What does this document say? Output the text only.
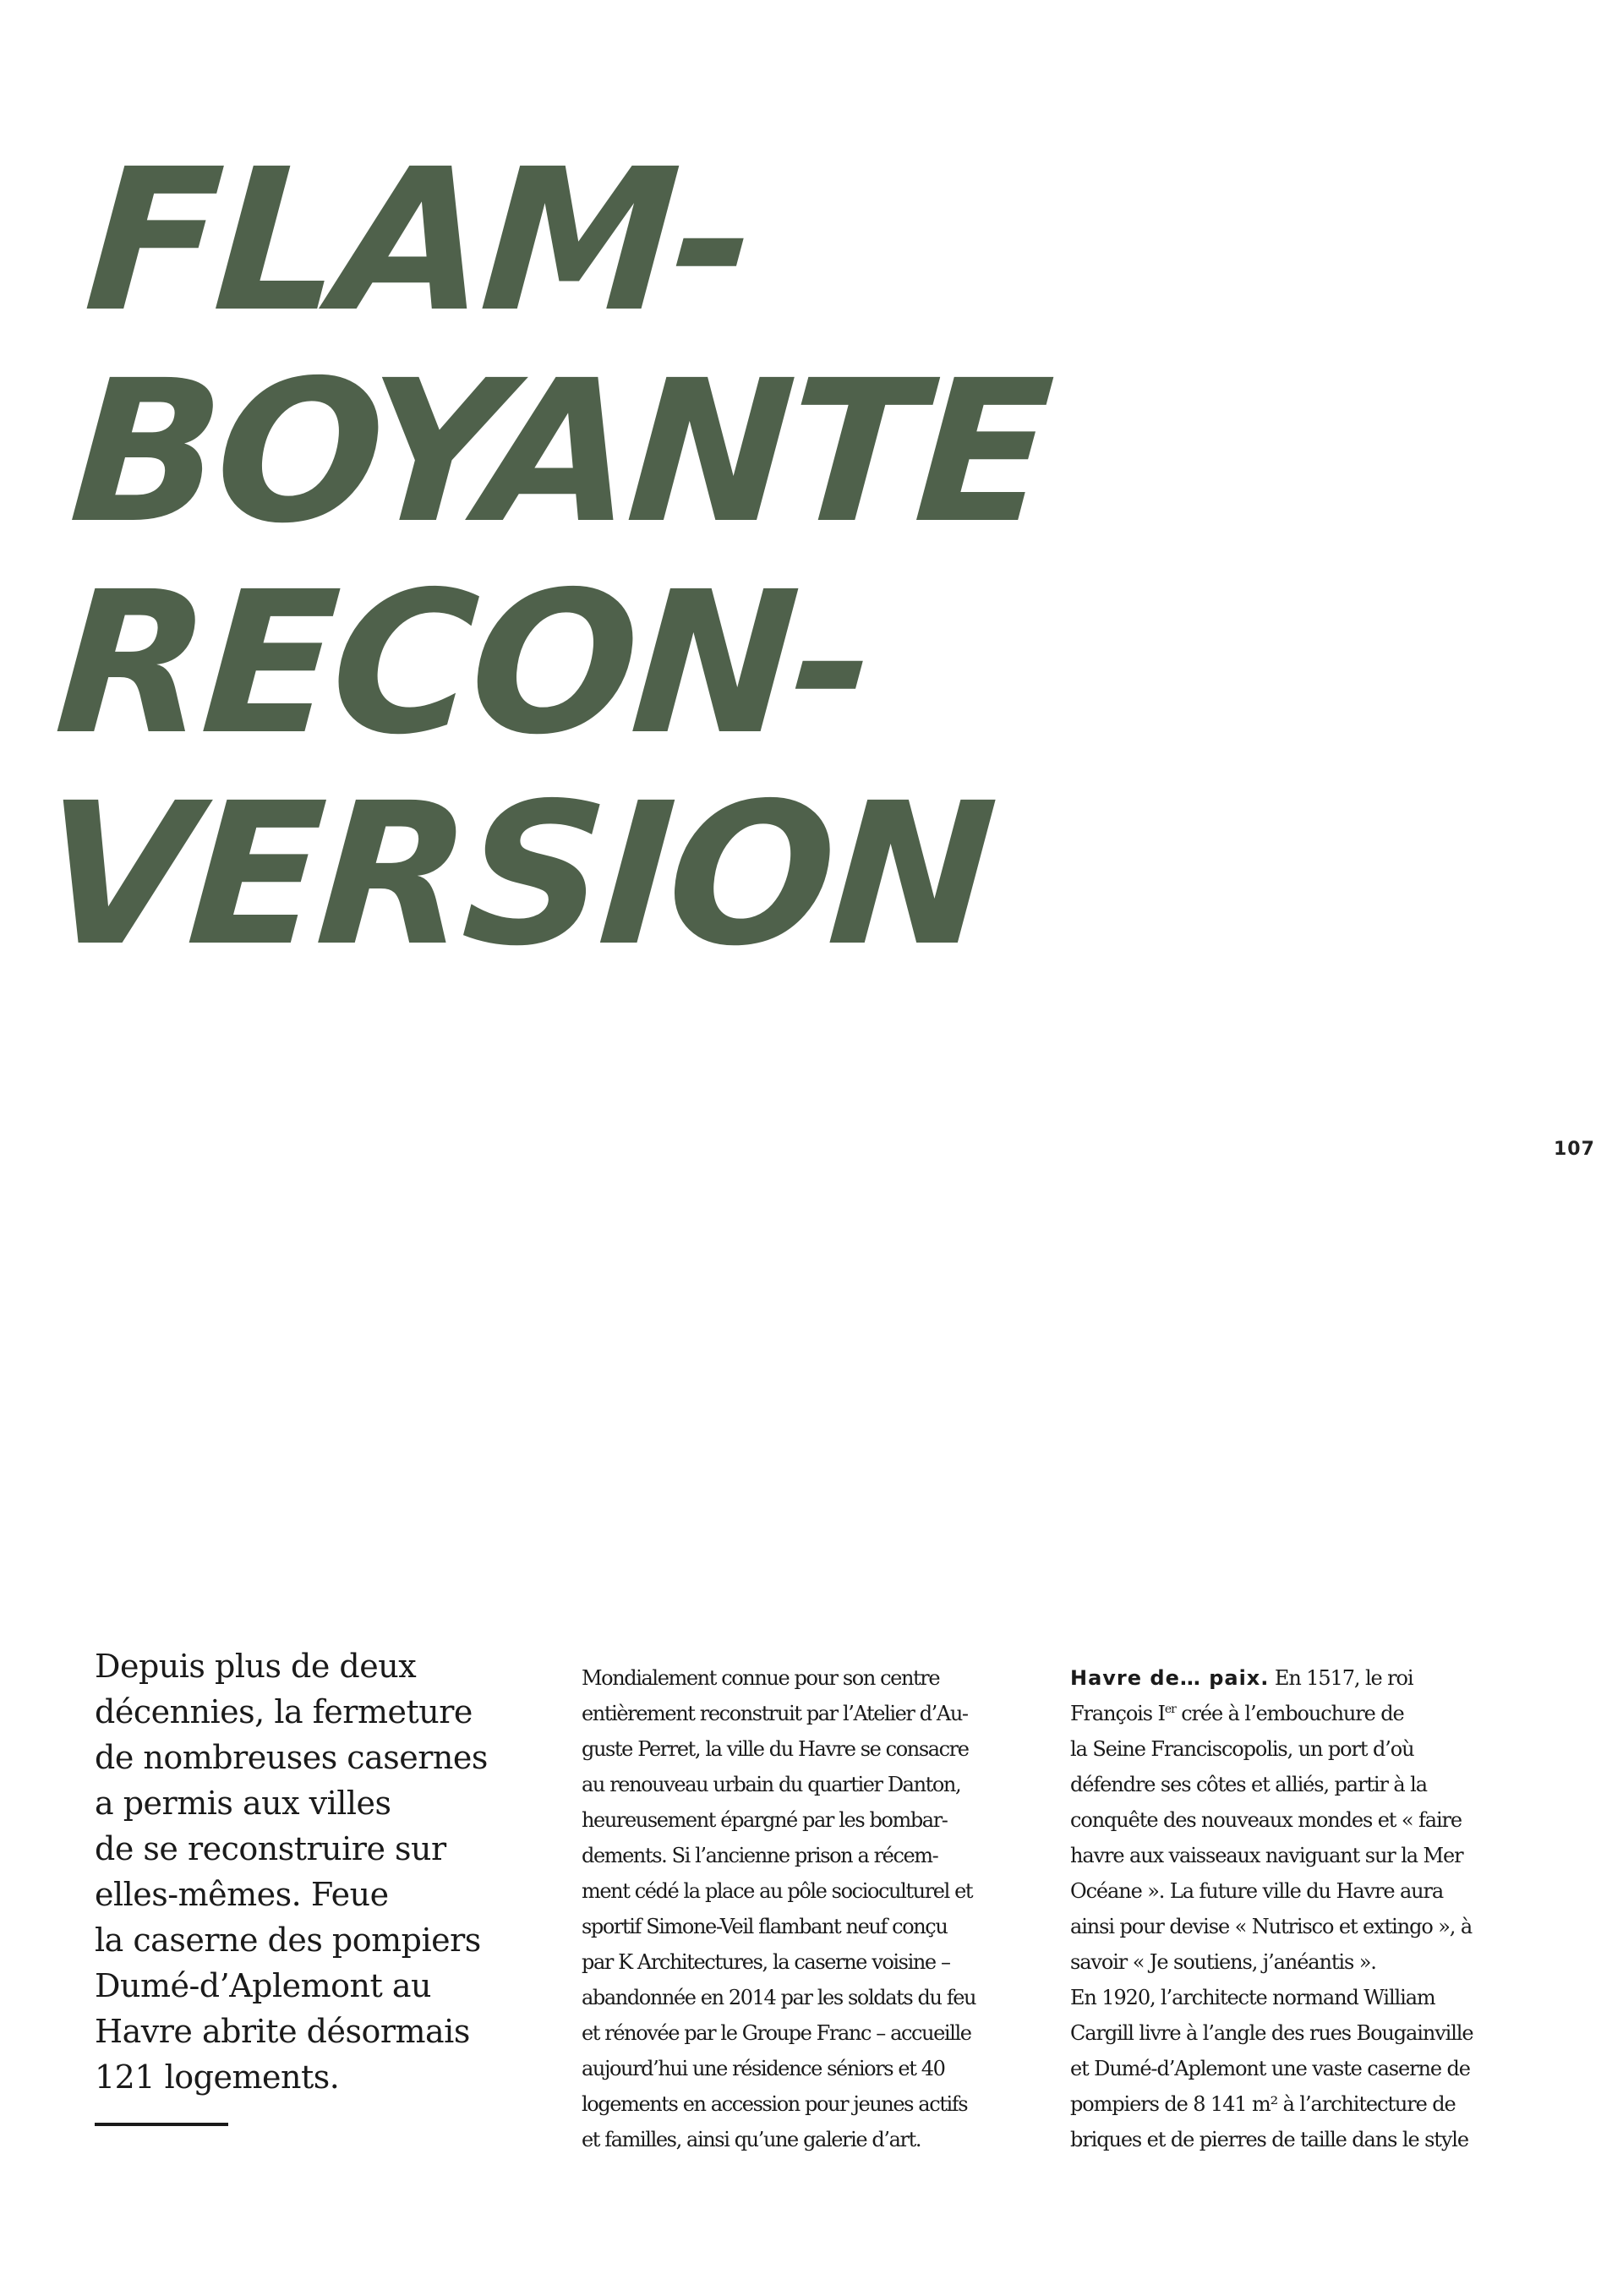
FLAM-
BOYANTE
RECON-
VERSION
107

Depuis plus de deux
décennies, la fermeture
de nombreuses casernes
a permis aux villes
de se reconstruire sur
elles-mêmes. Feue
la caserne des pompiers
Dumé-d’Aplemont au
Havre abrite désormais
121 logements.

Mondialement connue pour son centre
entièrement reconstruit par l’Atelier d’Au-
guste Perret, la ville du Havre se consacre
au renouveau urbain du quartier Danton,
heureusement épargné par les bombar-
dements. Si l’ancienne prison a récem-
ment cédé la place au pôle socioculturel et
sportif Simone-Veil flambant neuf conçu
par K Architectures, la caserne voisine –
abandonnée en 2014 par les soldats du feu
et rénovée par le Groupe Franc – accueille
aujourd’hui une résidence séniors et 40
logements en accession pour jeunes actifs
et familles, ainsi qu’une galerie d’art.

Havre de… paix. En 1517, le roi
François Ier crée à l’embouchure de
la Seine Franciscopolis, un port d’où
défendre ses côtes et alliés, partir à la
conquête des nouveaux mondes et « faire
havre aux vaisseaux naviguant sur la Mer
Océane ». La future ville du Havre aura
ainsi pour devise « Nutrisco et extingo », à
savoir « Je soutiens, j’anéantis ».
En 1920, l’architecte normand William
Cargill livre à l’angle des rues Bougainville
et Dumé-d’Aplemont une vaste caserne de
pompiers de 8 141 m² à l’architecture de
briques et de pierres de taille dans le style
